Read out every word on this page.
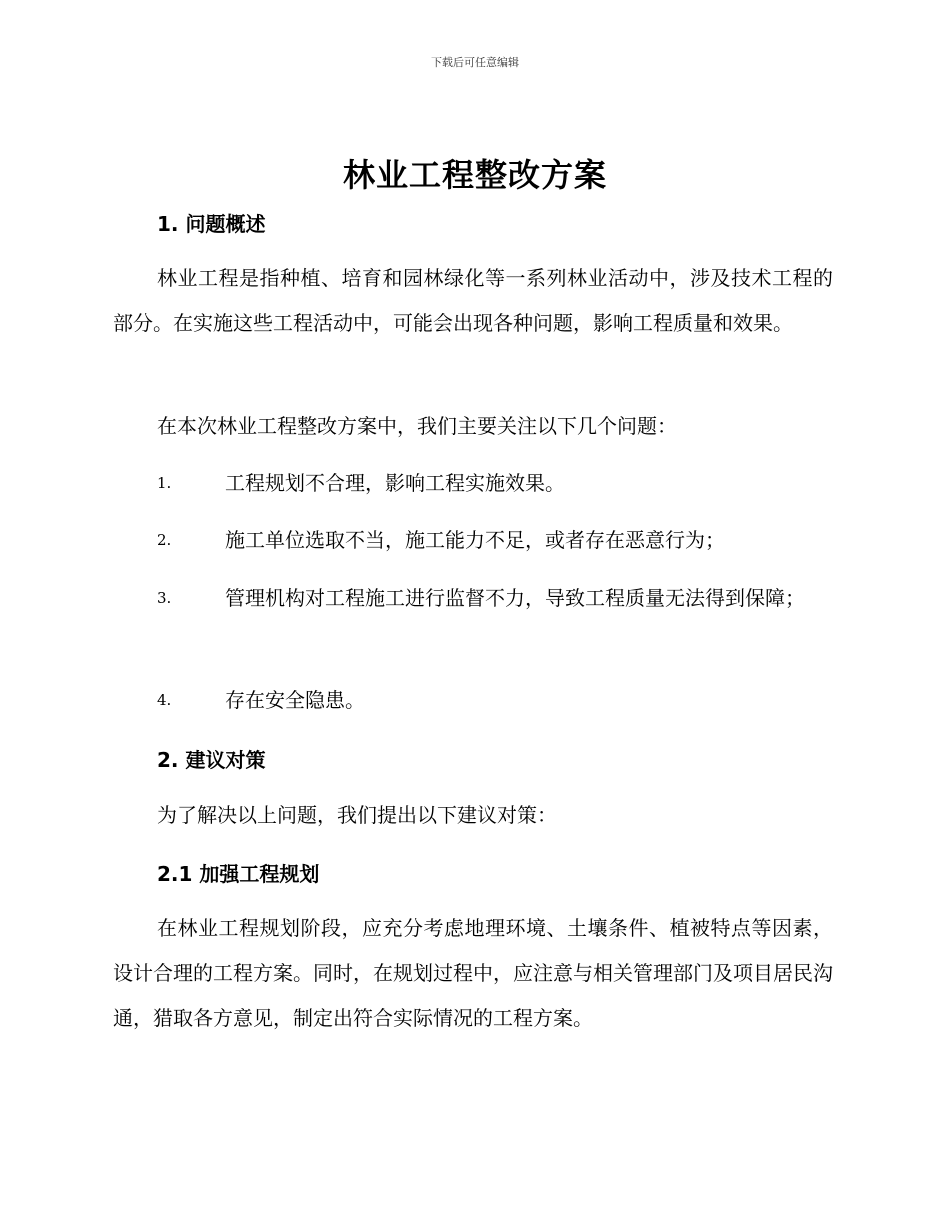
下载后可任意编辑
林业工程整改方案
1. 问题概述
林业工程是指种植、培育和园林绿化等一系列林业活动中，涉及技术工程的部分。在实施这些工程活动中，可能会出现各种问题，影响工程质量和效果。
在本次林业工程整改方案中，我们主要关注以下几个问题：
1.	工程规划不合理，影响工程实施效果。
2.	施工单位选取不当，施工能力不足，或者存在恶意行为；
3.	管理机构对工程施工进行监督不力，导致工程质量无法得到保障；
4.	存在安全隐患。
2. 建议对策
为了解决以上问题，我们提出以下建议对策：
2.1 加强工程规划
在林业工程规划阶段，应充分考虑地理环境、土壤条件、植被特点等因素，设计合理的工程方案。同时，在规划过程中，应注意与相关管理部门及项目居民沟通，猎取各方意见，制定出符合实际情况的工程方案。
